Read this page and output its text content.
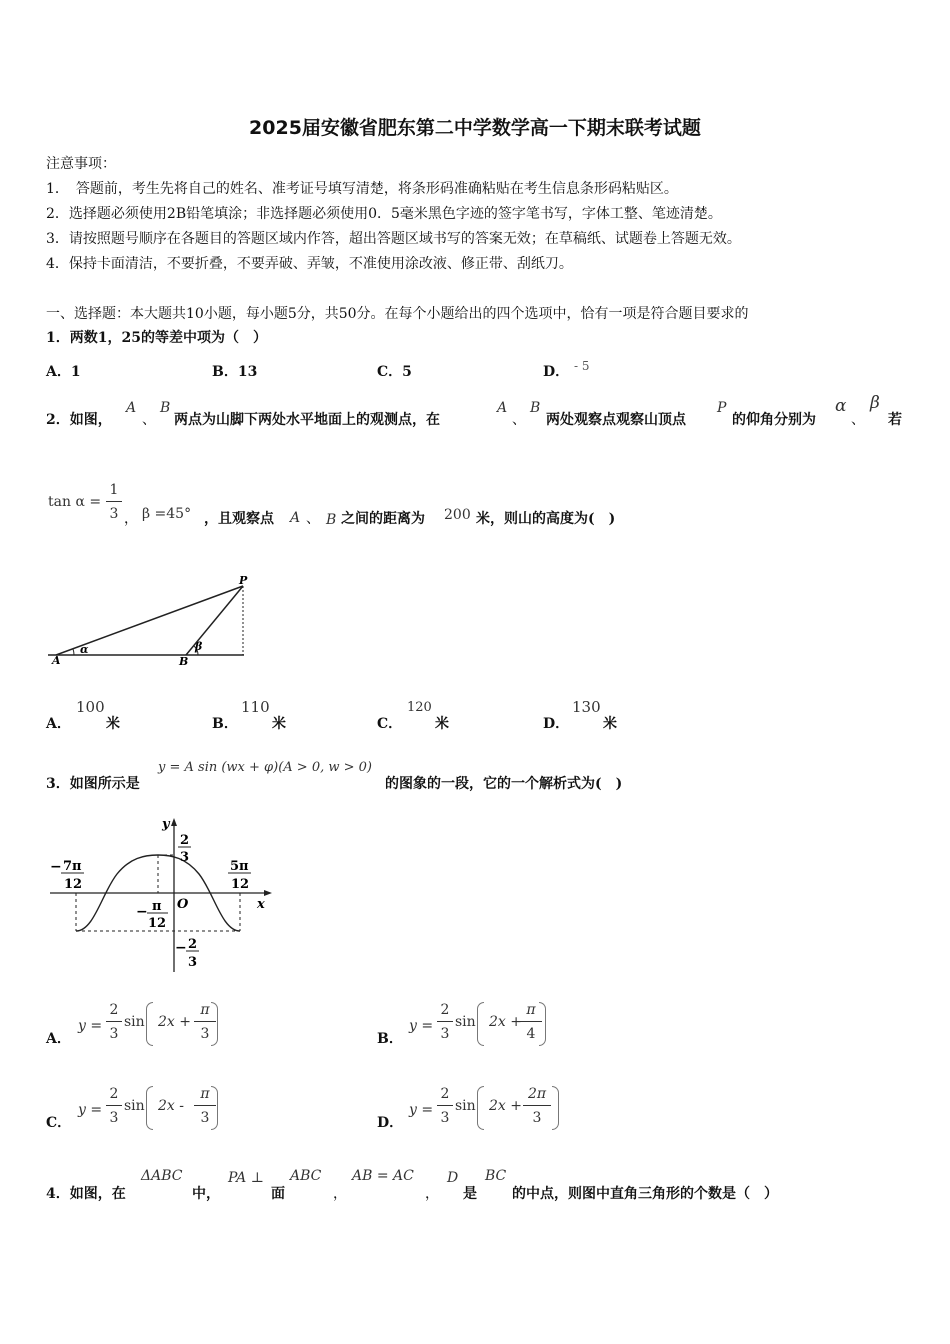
2025届安徽省肥东第二中学数学高一下期末联考试题
注意事项：
1．　答题前，考生先将自己的姓名、准考证号填写清楚，将条形码准确粘贴在考生信息条形码粘贴区。
2．选择题必须使用2B铅笔填涂；非选择题必须使用0．5毫米黑色字迹的签字笔书写，字体工整、笔迹清楚。
3．请按照题号顺序在各题目的答题区域内作答，超出答题区域书写的答案无效；在草稿纸、试题卷上答题无效。
4．保持卡面清洁，不要折叠，不要弄破、弄皱，不准使用涂改液、修正带、刮纸刀。
一、选择题：本大题共10小题，每小题5分，共50分。在每个小题给出的四个选项中，恰有一项是符合题目要求的
1．两数1，25的等差中项为（　）
A．1	B．13	C．5	D． - 5
2．如图，
A
、
B
两点为山脚下两处水平地面上的观测点，在
A
、
B
两处观察点观察山顶点
P
的仰角分别为
α
、
β
若
tan α =
1
3 ， β =45° ，且观察点 A 、 B 之间的距离为 200 米，则山的高度为(　)
P
A	B
α	β
A．
100
米	B．
110
米	C．
120
米	D．
130
米
3．如图所示是
y = A sin (wx + φ)(A > 0, w > 0)
的图象的一段，它的一个解析式为(　)
y
x
O
2
3
− 7π
12
5π
12
− π
12
− 2
3
A．
y =
2
3
sin 2x +
π
3	B．
y =
2
3
sin 2x +
π
4
C．
y =
2
3
sin 2x -
π
3	D．
y =
2
3
sin 2x +
2π
3
4．如图，在
ΔABC
中，
PA ⊥
面
ABC
，
AB = AC
，
D
是
BC
的中点，则图中直角三角形的个数是（　）
